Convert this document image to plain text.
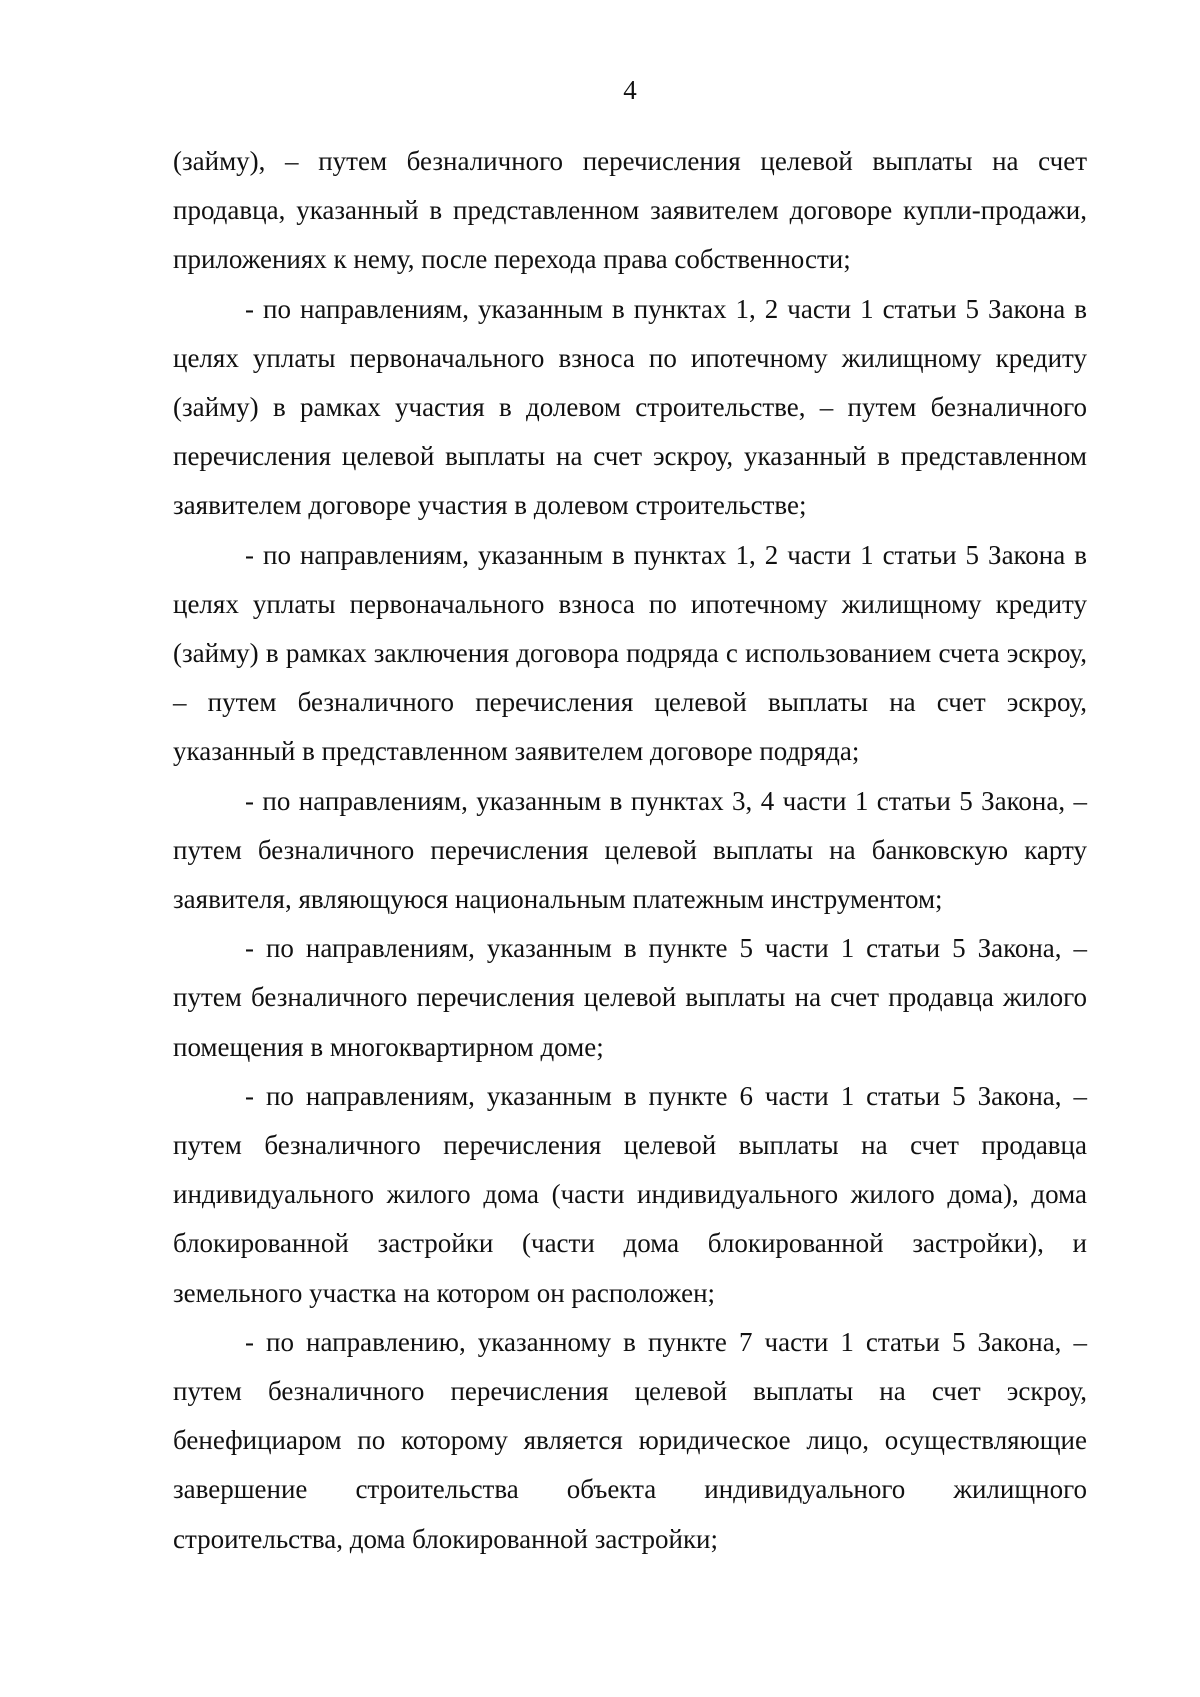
4

(займу), – путем безналичного перечисления целевой выплаты на счет продавца, указанный в представленном заявителем договоре купли-продажи, приложениях к нему, после перехода права собственности;

- по направлениям, указанным в пунктах 1, 2 части 1 статьи 5 Закона в целях уплаты первоначального взноса по ипотечному жилищному кредиту (займу) в рамках участия в долевом строительстве, – путем безналичного перечисления целевой выплаты на счет эскроу, указанный в представленном заявителем договоре участия в долевом строительстве;

- по направлениям, указанным в пунктах 1, 2 части 1 статьи 5 Закона в целях уплаты первоначального взноса по ипотечному жилищному кредиту (займу) в рамках заключения договора подряда с использованием счета эскроу, – путем безналичного перечисления целевой выплаты на счет эскроу, указанный в представленном заявителем договоре подряда;

- по направлениям, указанным в пунктах 3, 4 части 1 статьи 5 Закона, – путем безналичного перечисления целевой выплаты на банковскую карту заявителя, являющуюся национальным платежным инструментом;

- по направлениям, указанным в пункте 5 части 1 статьи 5 Закона, – путем безналичного перечисления целевой выплаты на счет продавца жилого помещения в многоквартирном доме;

- по направлениям, указанным в пункте 6 части 1 статьи 5 Закона, – путем безналичного перечисления целевой выплаты на счет продавца индивидуального жилого дома (части индивидуального жилого дома), дома блокированной застройки (части дома блокированной застройки), и земельного участка на котором он расположен;

- по направлению, указанному в пункте 7 части 1 статьи 5 Закона, – путем безналичного перечисления целевой выплаты на счет эскроу, бенефициаром по которому является юридическое лицо, осуществляющие завершение строительства объекта индивидуального жилищного строительства, дома блокированной застройки;
